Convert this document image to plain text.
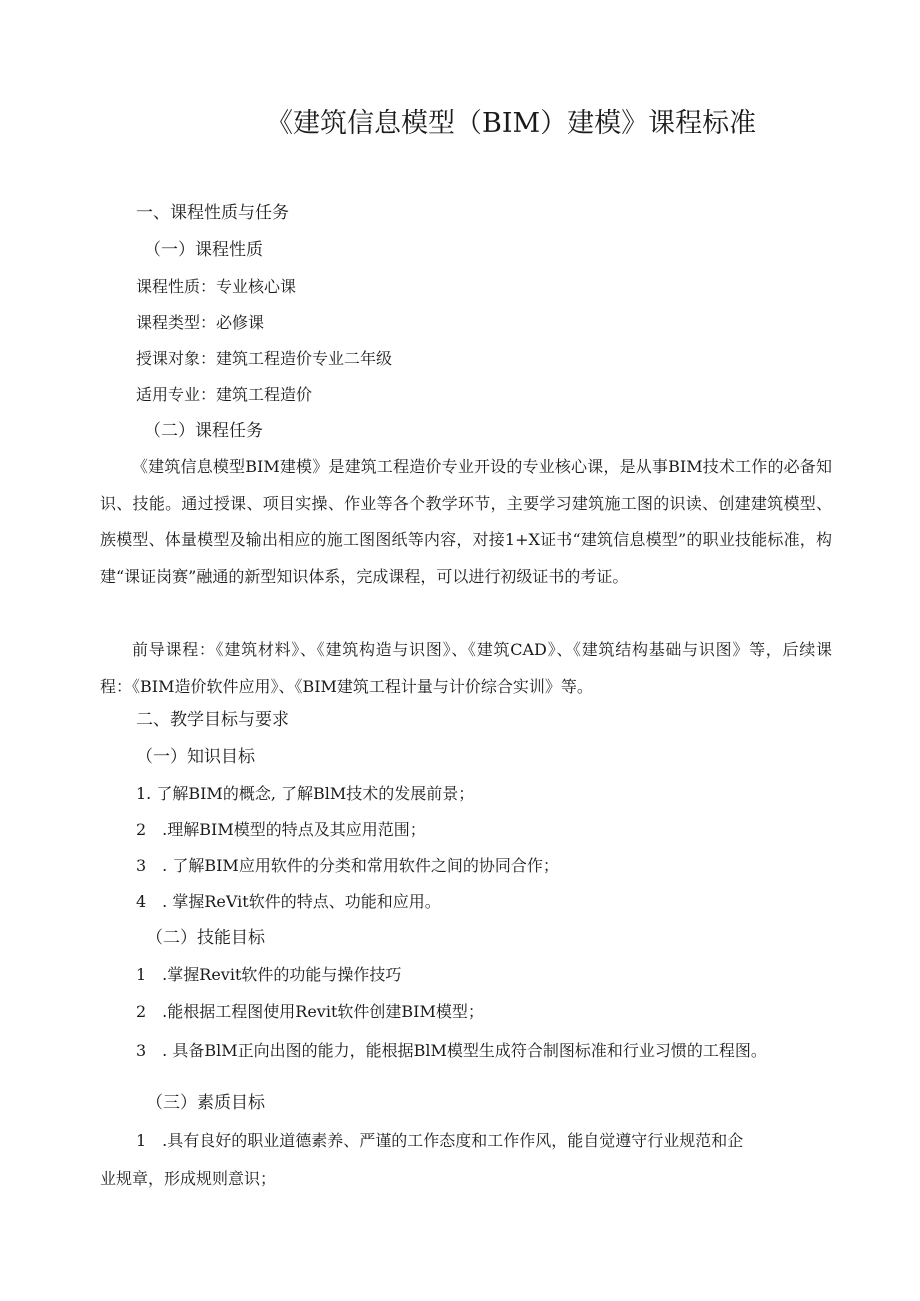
《建筑信息模型（BIM）建模》课程标准
一、课程性质与任务
（一）课程性质
课程性质：专业核心课
课程类型：必修课
授课对象：建筑工程造价专业二年级
适用专业：建筑工程造价
（二）课程任务
《建筑信息模型BIM建模》是建筑工程造价专业开设的专业核心课，是从事BIM技术工作的必备知识、技能。通过授课、项目实操、作业等各个教学环节，主要学习建筑施工图的识读、创建建筑模型、族模型、体量模型及输出相应的施工图图纸等内容，对接1+X证书“建筑信息模型”的职业技能标准，构建“课证岗赛”融通的新型知识体系，完成课程，可以进行初级证书的考证。
前导课程：《建筑材料》、《建筑构造与识图》、《建筑CAD》、《建筑结构基础与识图》等，后续课程：《BIM造价软件应用》、《BIM建筑工程计量与计价综合实训》等。
二、教学目标与要求
（一）知识目标
1. 了解BIM的概念, 了解BlM技术的发展前景；
2　.理解BIM模型的特点及其应用范围；
3　. 了解BIM应用软件的分类和常用软件之间的协同合作；
4　. 掌握ReVit软件的特点、功能和应用。
（二）技能目标
1　.掌握Revit软件的功能与操作技巧
2　.能根据工程图使用Revit软件创建BIM模型；
3　. 具备BlM正向出图的能力，能根据BlM模型生成符合制图标准和行业习惯的工程图。
（三）素质目标
1　.具有良好的职业道德素养、严谨的工作态度和工作作风，能自觉遵守行业规范和企
业规章，形成规则意识；
